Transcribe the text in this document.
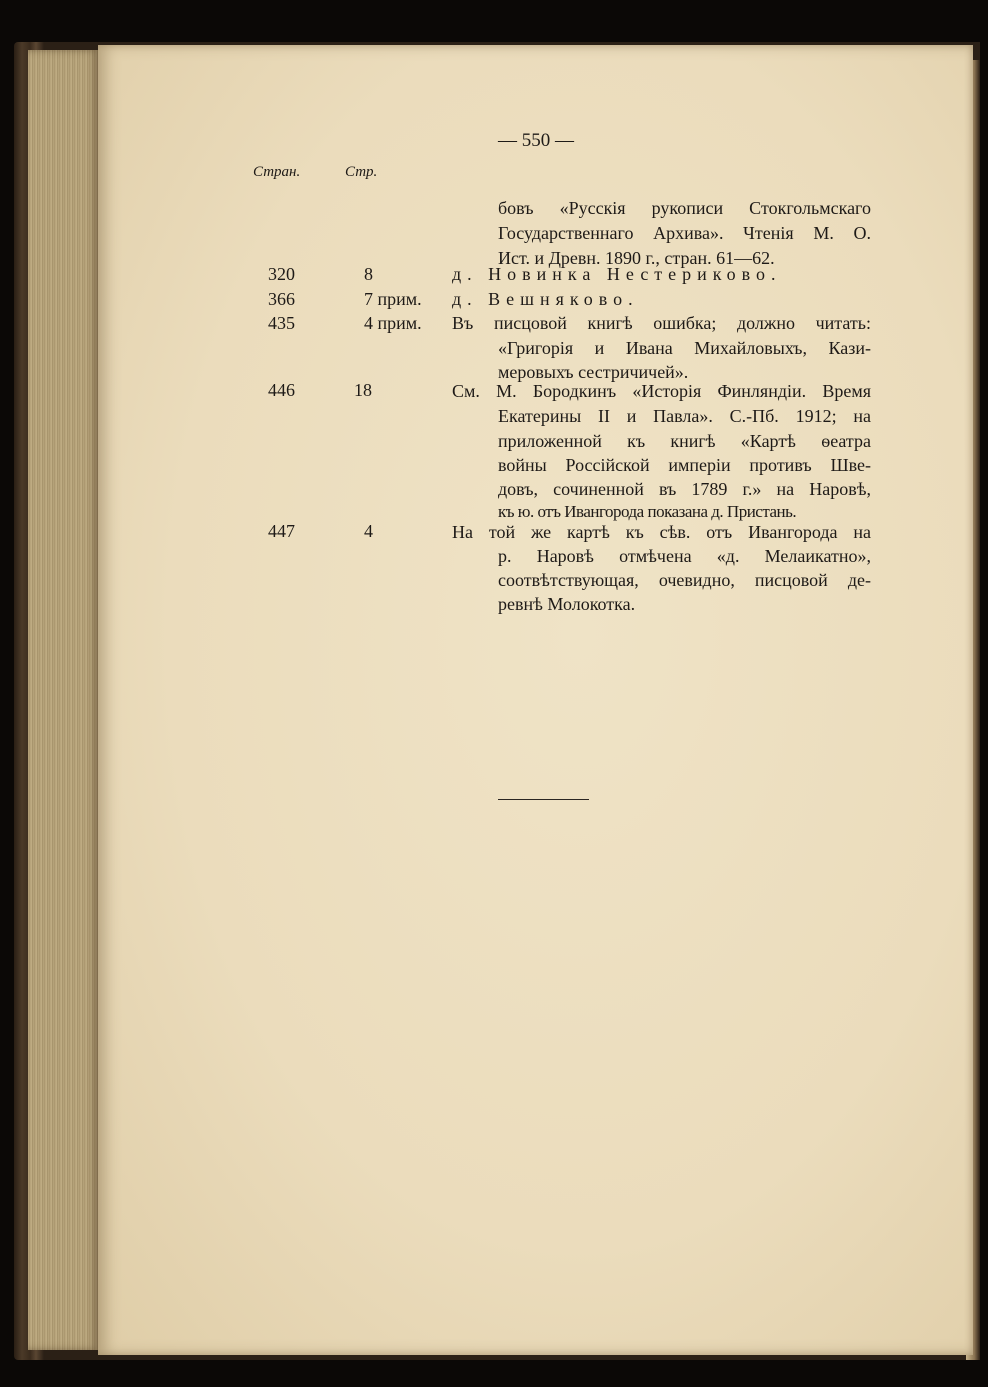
— 550 —
Стран.	Стр.
бовъ «Русскія рукописи Стокгольмскаго
Государственнаго Архива». Чтенія М. О.
Ист. и Древн. 1890 г., стран. 61—62.
320	8	д. Новинка Нестериково.
366	7 прим. д. Вешняково.
435	4 прим. Въ писцовой книгѣ ошибка; должно читать:
«Григорія и Ивана Михайловыхъ, Кази-
меровыхъ сестричичей».
446	18	См. М. Бородкинъ «Исторія Финляндіи. Время
Екатерины II и Павла». С.-Пб. 1912; на
приложенной къ книгѣ «Картѣ ѳеатра
войны Россійской имперіи противъ Шве-
довъ, сочиненной въ 1789 г.» на Наровѣ,
къ ю. отъ Ивангорода показана д. Пристань.
447	4	На той же картѣ къ сѣв. отъ Ивангорода на
р. Наровѣ отмѣчена «д. Мелаикатно»,
соотвѣтствующая, очевидно, писцовой де-
ревнѣ Молокотка.
